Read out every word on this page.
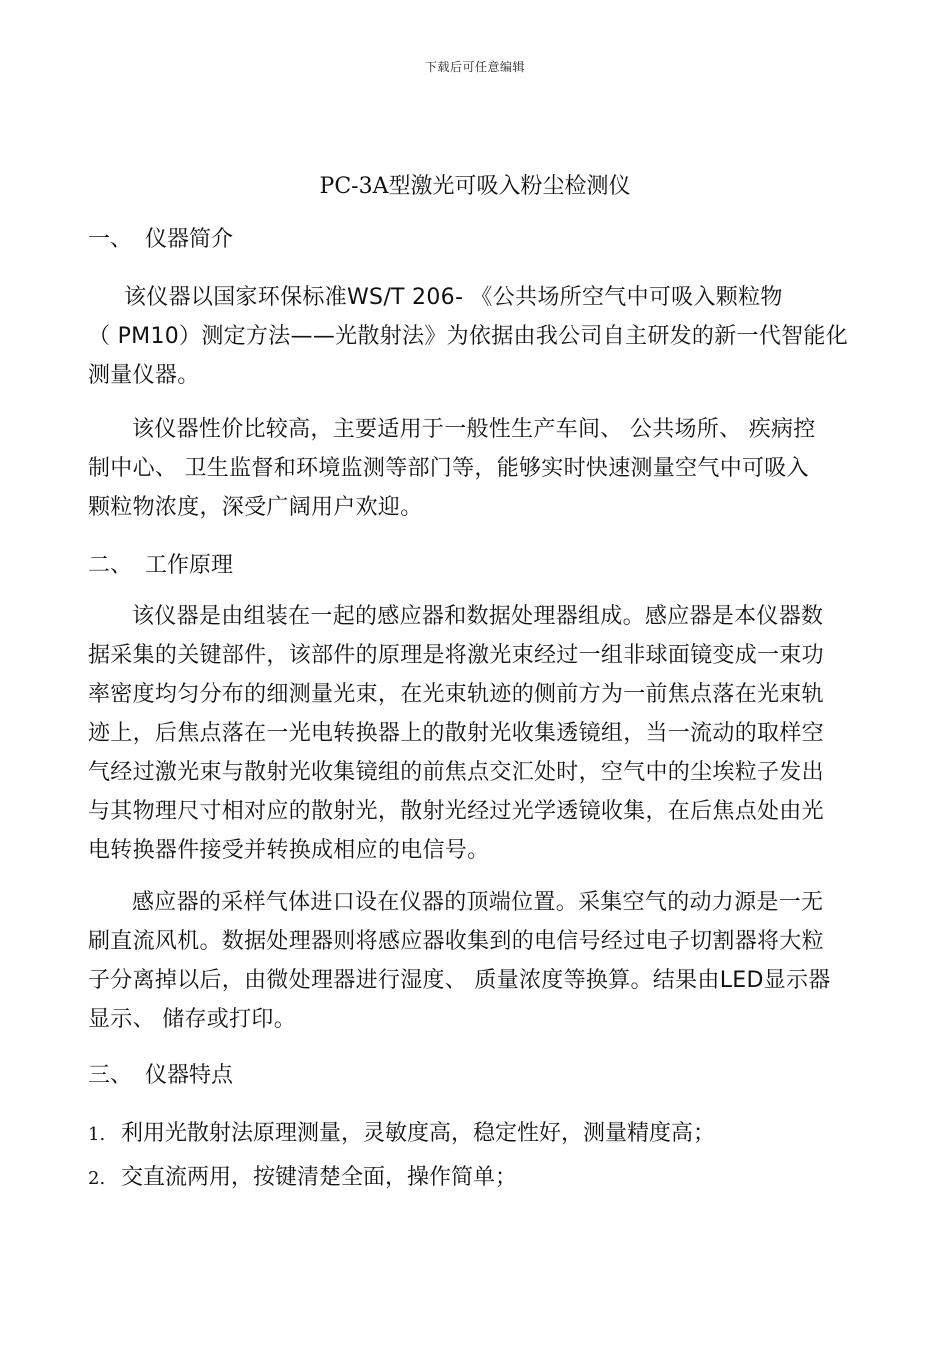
下载后可任意编辑
PC-3A型激光可吸入粉尘检测仪
一、 仪器简介
该仪器以国家环保标准WS/T 206- 《公共场所空气中可吸入颗粒物
（ PM10）测定方法——光散射法》为依据由我公司自主研发的新一代智能化
测量仪器。
该仪器性价比较高，主要适用于一般性生产车间、 公共场所、 疾病控
制中心、 卫生监督和环境监测等部门等，能够实时快速测量空气中可吸入
颗粒物浓度，深受广阔用户欢迎。
二、 工作原理
该仪器是由组装在一起的感应器和数据处理器组成。感应器是本仪器数
据采集的关键部件，该部件的原理是将激光束经过一组非球面镜变成一束功
率密度均匀分布的细测量光束，在光束轨迹的侧前方为一前焦点落在光束轨
迹上，后焦点落在一光电转换器上的散射光收集透镜组，当一流动的取样空
气经过激光束与散射光收集镜组的前焦点交汇处时，空气中的尘埃粒子发出
与其物理尺寸相对应的散射光，散射光经过光学透镜收集，在后焦点处由光
电转换器件接受并转换成相应的电信号。
感应器的采样气体进口设在仪器的顶端位置。采集空气的动力源是一无
刷直流风机。数据处理器则将感应器收集到的电信号经过电子切割器将大粒
子分离掉以后，由微处理器进行湿度、 质量浓度等换算。结果由LED显示器
显示、 储存或打印。
三、 仪器特点
1. 利用光散射法原理测量，灵敏度高，稳定性好，测量精度高；
2. 交直流两用，按键清楚全面，操作简单；
